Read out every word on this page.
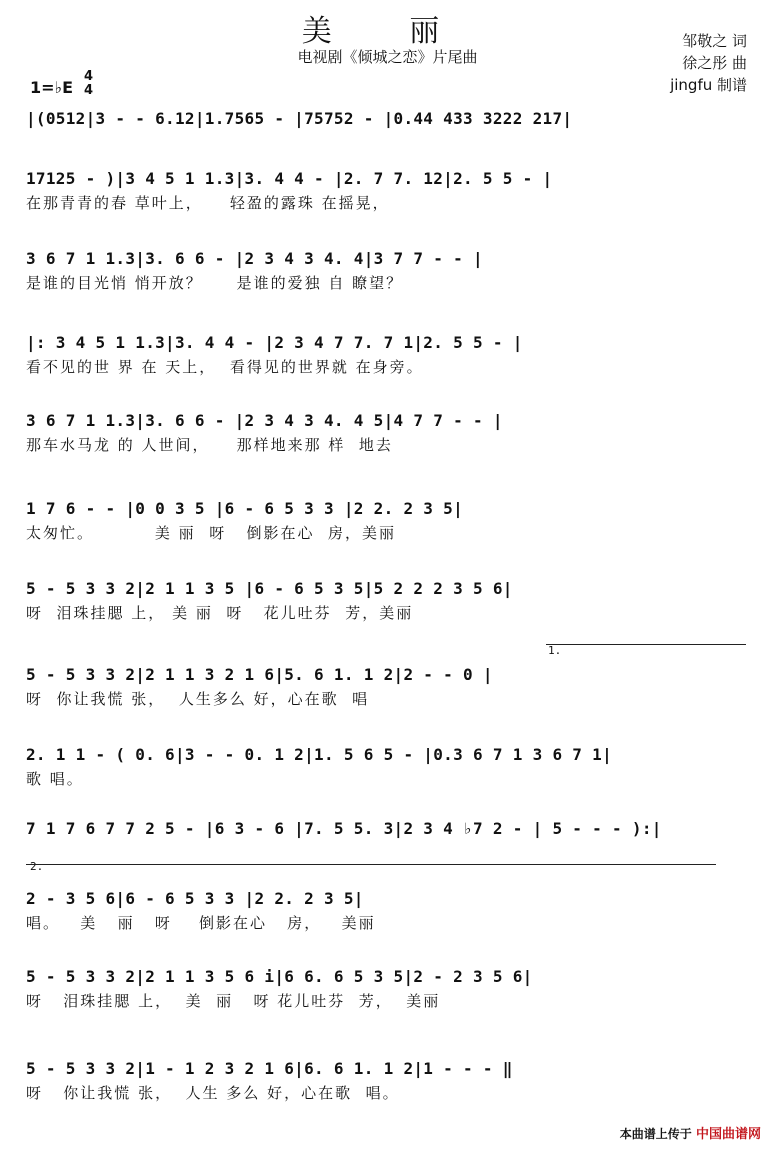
美 丽
电视剧《倾城之恋》片尾曲
邹敬之 词
徐之彤 曲
jingfu 制谱
1=♭E
4
4
|(0512|3 - - 6.12|1.7565 - |75752 - |0.44 433 3222 217|
17125 - )|3 4 5 1 1.3|3. 4 4 - |2. 7 7. 12|2. 5 5 - |
在那青青的春 草叶上，    轻盈的露珠 在摇晃，
3 6 7 1 1.3|3. 6 6 - |2 3 4 3 4. 4|3 7 7 - - |
是谁的目光悄 悄开放？     是谁的爱独 自 瞭望？
|: 3 4 5 1 1.3|3. 4 4 - |2 3 4 7 7. 7 1|2. 5 5 - |
看不见的世 界 在 天上，  看得见的世界就 在身旁。
3 6 7 1 1.3|3. 6 6 - |2 3 4 3 4. 4 5|4 7 7 - - |
那车水马龙 的 人世间，    那样地来那 样  地去
1 7 6 - - |0 0 3 5 |6 - 6 5 3 3 |2 2. 2 3 5|
太匆忙。         美 丽  呀   倒影在心  房，美丽
5 - 5 3 3 2|2 1 1 3 5 |6 - 6 5 3 5|5 2 2 2 3 5 6|
呀  泪珠挂腮 上， 美 丽  呀   花儿吐芬  芳，美丽
1.
5 - 5 3 3 2|2 1 1 3 2 1 6|5. 6 1. 1 2|2 - - 0 |
呀  你让我慌 张，  人生多么 好，心在歌  唱
2. 1 1 - ( 0. 6|3 - - 0. 1 2|1. 5 6 5 - |0.3 6 7 1 3 6 7 1|
歌 唱。
7 1 7 6 7 7 2 5 - |6 3 - 6 |7. 5 5. 3|2 3 4 ♭7 2 - | 5 - - - ):|
2.
2 - 3 5 6|6 - 6 5 3 3 |2 2. 2 3 5|
唱。   美   丽   呀    倒影在心   房，   美丽
5 - 5 3 3 2|2 1 1 3 5 6 i|6 6. 6 5 3 5|2 - 2 3 5 6|
呀   泪珠挂腮 上，  美  丽   呀 花儿吐芬  芳，  美丽
5 - 5 3 3 2|1 - 1 2 3 2 1 6|6. 6 1. 1 2|1 - - - ‖
呀   你让我慌 张，  人生 多么 好，心在歌  唱。
本曲谱上传于 中国曲谱网
